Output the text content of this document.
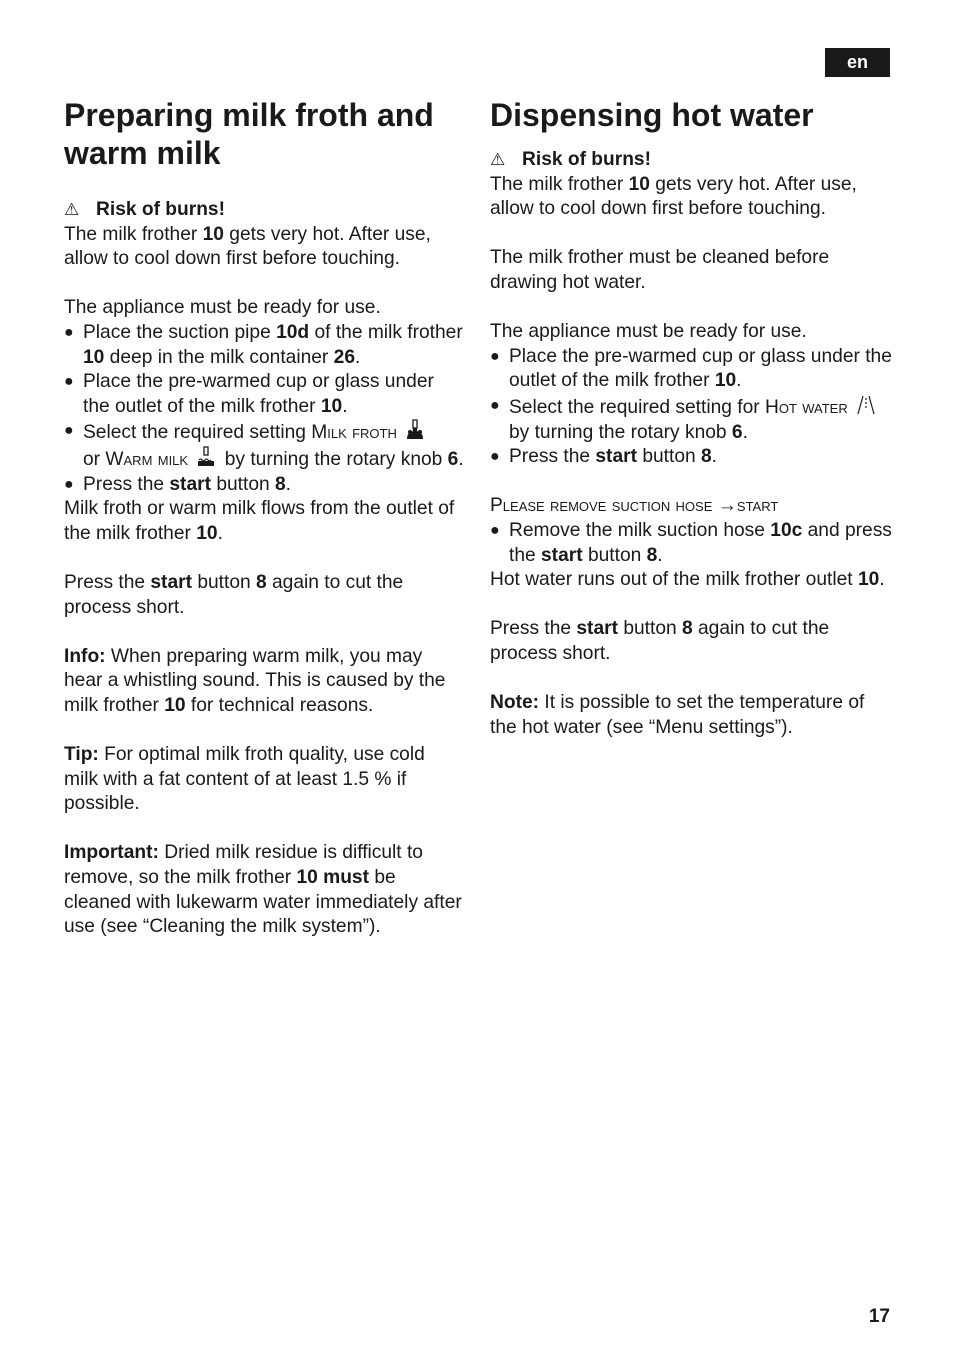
en
Preparing milk froth and warm milk

⚠ Risk of burns!

The milk frother 10 gets very hot. After use, allow to cool down first before touching.

The appliance must be ready for use.

● Place the suction pipe 10d of the milk frother 10 deep in the milk container 26.
● Place the pre-warmed cup or glass under the outlet of the milk frother 10.
● Select the required setting Milk froth
or Warm milk  by turning the rotary knob 6.
● Press the start button 8.

Milk froth or warm milk flows from the outlet of the milk frother 10.

Press the start button 8 again to cut the process short.

Info: When preparing warm milk, you may hear a whistling sound. This is caused by the milk frother 10 for technical reasons.

Tip: For optimal milk froth quality, use cold milk with a fat content of at least 1.5 % if possible.

Important: Dried milk residue is difficult to remove, so the milk frother 10 must be cleaned with lukewarm water immediately after use (see “Cleaning the milk system”).

Dispensing hot water

⚠ Risk of burns!

The milk frother 10 gets very hot. After use, allow to cool down first before touching.

The milk frother must be cleaned before drawing hot water.

The appliance must be ready for use.

● Place the pre-warmed cup or glass under the outlet of the milk frother 10.
● Select the required setting for Hot water  by turning the rotary knob 6.
● Press the start button 8.

Please remove suction hose →start

● Remove the milk suction hose 10c and press the start button 8.

Hot water runs out of the milk frother outlet 10.

Press the start button 8 again to cut the process short.

Note: It is possible to set the temperature of the hot water (see “Menu settings”).

17
